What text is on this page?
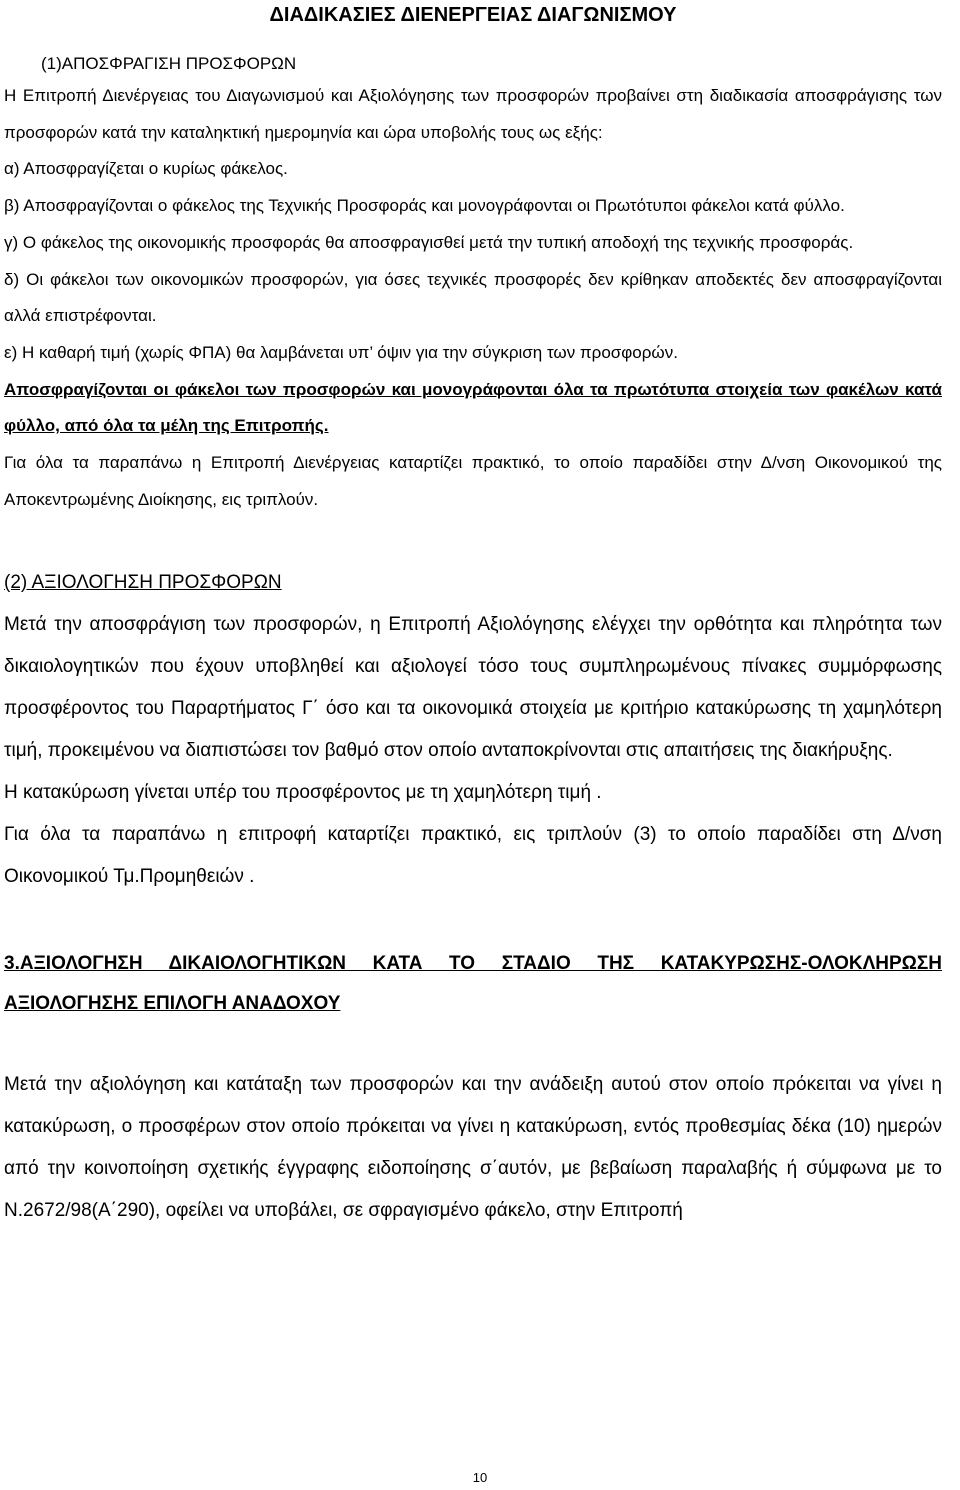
ΔΙΑΔΙΚΑΣΙΕΣ ΔΙΕΝΕΡΓΕΙΑΣ ΔΙΑΓΩΝΙΣΜΟΥ

(1)ΑΠΟΣΦΡΑΓΙΣΗ ΠΡΟΣΦΟΡΩΝ

Η Επιτροπή Διενέργειας του Διαγωνισμού και Αξιολόγησης των προσφορών προβαίνει στη διαδικασία αποσφράγισης των προσφορών κατά την καταληκτική ημερομηνία και ώρα υποβολής τους ως εξής:

α) Αποσφραγίζεται ο κυρίως φάκελος.

β) Αποσφραγίζονται ο φάκελος της Τεχνικής Προσφοράς και μονογράφονται οι Πρωτότυποι φάκελοι κατά φύλλο.

γ) Ο φάκελος της οικονομικής προσφοράς θα αποσφραγισθεί μετά την τυπική αποδοχή της τεχνικής προσφοράς.

δ) Οι φάκελοι των οικονομικών προσφορών, για όσες τεχνικές προσφορές δεν κρίθηκαν αποδεκτές δεν αποσφραγίζονται αλλά επιστρέφονται.

ε) Η καθαρή τιμή (χωρίς ΦΠΑ) θα λαμβάνεται υπ’ όψιν για την σύγκριση των προσφορών.

Αποσφραγίζονται οι φάκελοι των προσφορών και μονογράφονται όλα τα πρωτότυπα στοιχεία των φακέλων κατά φύλλο, από όλα τα μέλη της Επιτροπής.

Για όλα τα παραπάνω η Επιτροπή Διενέργειας καταρτίζει πρακτικό, το οποίο παραδίδει στην Δ/νση Οικονομικού της Αποκεντρωμένης Διοίκησης, εις τριπλούν.

(2) ΑΞΙΟΛΟΓΗΣΗ ΠΡΟΣΦΟΡΩΝ

Μετά την αποσφράγιση των προσφορών, η Επιτροπή Αξιολόγησης ελέγχει την ορθότητα και πληρότητα των δικαιολογητικών που έχουν υποβληθεί και αξιολογεί τόσο τους συμπληρωμένους πίνακες συμμόρφωσης προσφέροντος του Παραρτήματος Γ΄ όσο και τα οικονομικά στοιχεία με κριτήριο κατακύρωσης τη χαμηλότερη τιμή, προκειμένου να διαπιστώσει τον βαθμό στον οποίο ανταποκρίνονται στις απαιτήσεις της διακήρυξης.

Η κατακύρωση γίνεται υπέρ του προσφέροντος με τη χαμηλότερη τιμή .

Για όλα τα παραπάνω η επιτροφή καταρτίζει πρακτικό, εις τριπλούν (3) το οποίο παραδίδει στη Δ/νση Οικονομικού Τμ.Προμηθειών .

3.ΑΞΙΟΛΟΓΗΣΗ ΔΙΚΑΙΟΛΟΓΗΤΙΚΩΝ ΚΑΤΑ ΤΟ ΣΤΑΔΙΟ ΤΗΣ ΚΑΤΑΚΥΡΩΣΗΣ-ΟΛΟΚΛΗΡΩΣΗ ΑΞΙΟΛΟΓΗΣΗΣ ΕΠΙΛΟΓΗ ΑΝΑΔΟΧΟΥ

Μετά την αξιολόγηση και κατάταξη των προσφορών και την ανάδειξη αυτού στον οποίο πρόκειται να γίνει η κατακύρωση, ο προσφέρων στον οποίο πρόκειται να γίνει η κατακύρωση, εντός προθεσμίας δέκα (10) ημερών από την κοινοποίηση σχετικής έγγραφης ειδοποίησης σ΄αυτόν, με βεβαίωση παραλαβής ή σύμφωνα με το Ν.2672/98(Α΄290), οφείλει να υποβάλει, σε σφραγισμένο φάκελο, στην Επιτροπή

10
